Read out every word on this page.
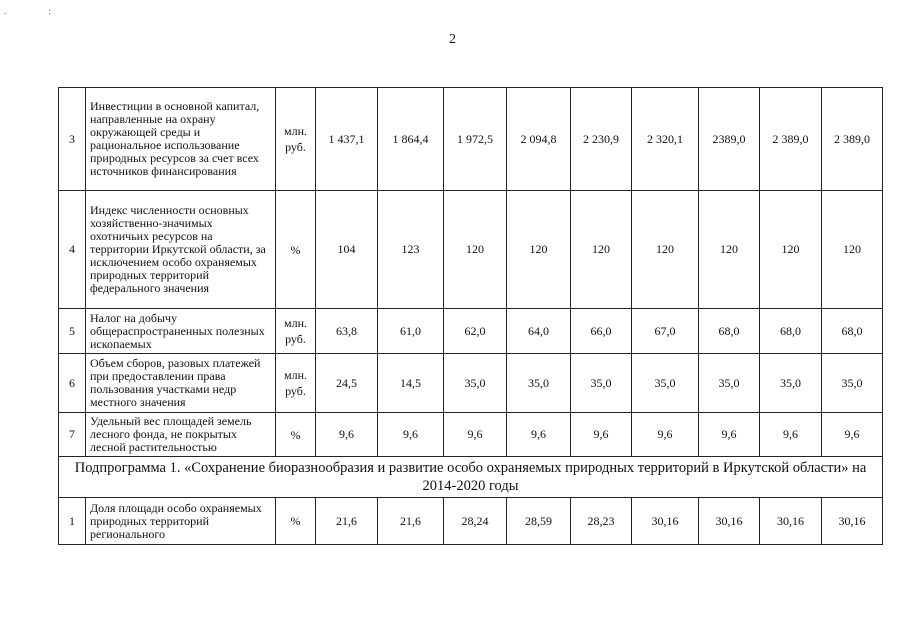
. :
2
3	Инвестиции в основной капитал, направленные на охрану окружающей среды и рациональное использование природных ресурсов за счет всех источников финансирования	млн. руб.	1 437,1	1 864,4	1 972,5	2 094,8	2 230,9	2 320,1	2389,0	2 389,0	2 389,0
4	Индекс численности основных хозяйственно-значимых охотничьих ресурсов на территории Иркутской области, за исключением особо охраняемых природных территорий федерального значения	%	104	123	120	120	120	120	120	120	120
5	Налог на добычу общераспространенных полезных ископаемых	млн. руб.	63,8	61,0	62,0	64,0	66,0	67,0	68,0	68,0	68,0
6	Объем сборов, разовых платежей при предоставлении права пользования участками недр местного значения	млн. руб.	24,5	14,5	35,0	35,0	35,0	35,0	35,0	35,0	35,0
7	Удельный вес площадей земель лесного фонда, не покрытых лесной растительностью	%	9,6	9,6	9,6	9,6	9,6	9,6	9,6	9,6	9,6
Подпрограмма 1. «Сохранение биоразнообразия и развитие особо охраняемых природных территорий в Иркутской области» на 2014-2020 годы											
1	Доля площади особо охраняемых природных территорий регионального	%	21,6	21,6	28,24	28,59	28,23	30,16	30,16	30,16	30,16
